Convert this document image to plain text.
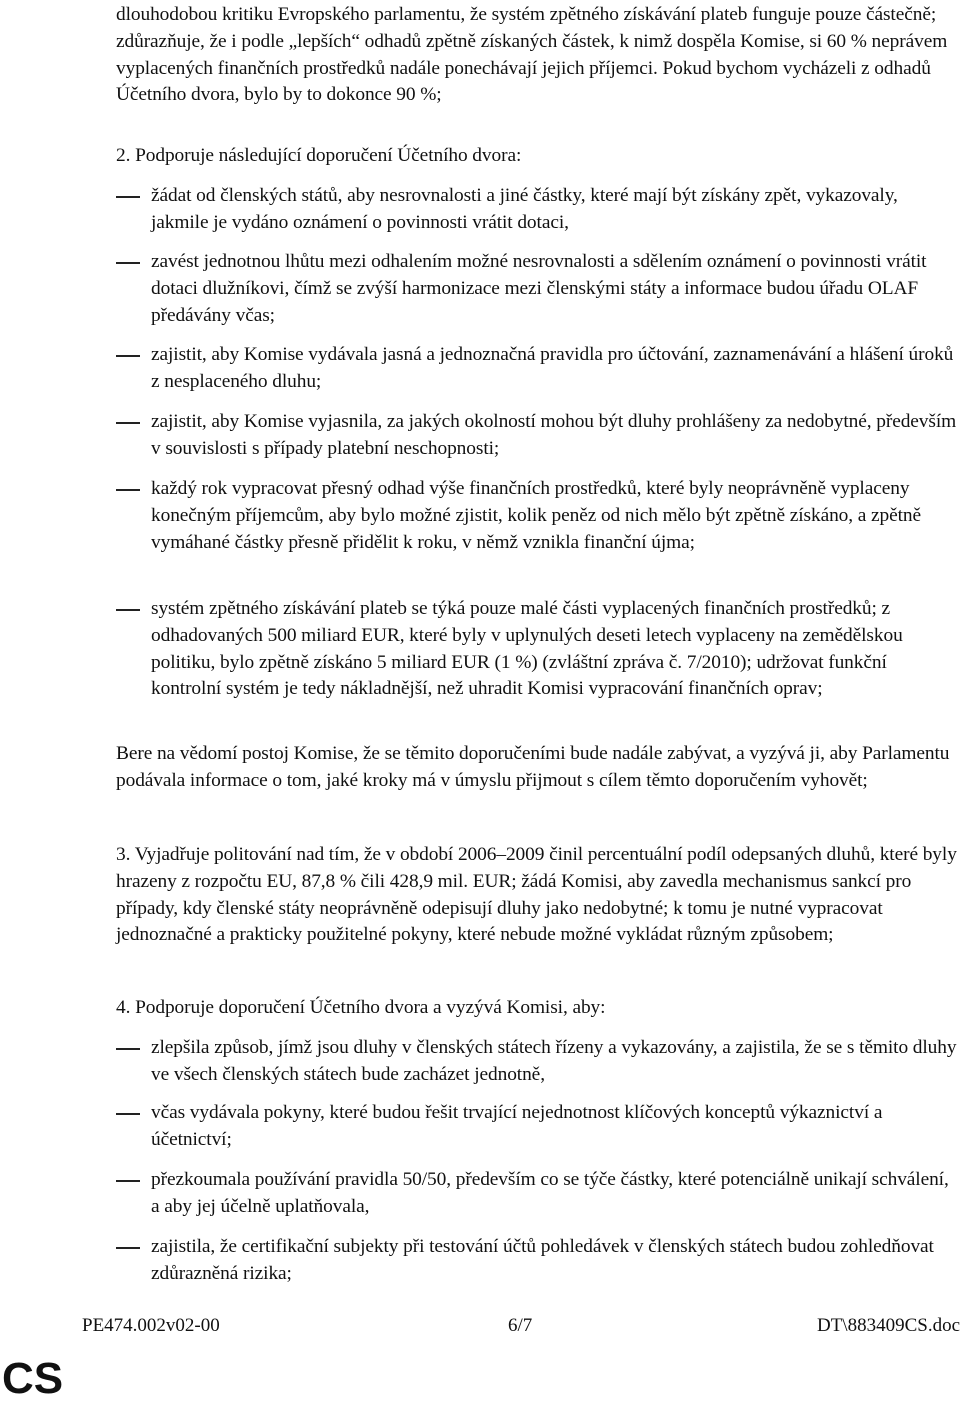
dlouhodobou kritiku Evropského parlamentu, že systém zpětného získávání plateb funguje pouze částečně; zdůrazňuje, že i podle „lepších“ odhadů zpětně získaných částek, k nimž dospěla Komise, si 60 % neprávem vyplacených finančních prostředků nadále ponechávají jejich příjemci. Pokud bychom vycházeli z odhadů Účetního dvora, bylo by to dokonce 90 %;

2. Podporuje následující doporučení Účetního dvora:

žádat od členských států, aby nesrovnalosti a jiné částky, které mají být získány zpět, vykazovaly, jakmile je vydáno oznámení o povinnosti vrátit dotaci,

zavést jednotnou lhůtu mezi odhalením možné nesrovnalosti a sdělením oznámení o povinnosti vrátit dotaci dlužníkovi, čímž se zvýší harmonizace mezi členskými státy a informace budou úřadu OLAF předávány včas;

zajistit, aby Komise vydávala jasná a jednoznačná pravidla pro účtování, zaznamenávání a hlášení úroků z nesplaceného dluhu;

zajistit, aby Komise vyjasnila, za jakých okolností mohou být dluhy prohlášeny za nedobytné, především v souvislosti s případy platební neschopnosti;

každý rok vypracovat přesný odhad výše finančních prostředků, které byly neoprávněně vyplaceny konečným příjemcům, aby bylo možné zjistit, kolik peněz od nich mělo být zpětně získáno, a zpětně vymáhané částky přesně přidělit k roku, v němž vznikla finanční újma;

systém zpětného získávání plateb se týká pouze malé části vyplacených finančních prostředků; z odhadovaných 500 miliard EUR, které byly v uplynulých deseti letech vyplaceny na zemědělskou politiku, bylo zpětně získáno 5 miliard EUR (1 %) (zvláštní zpráva č. 7/2010); udržovat funkční kontrolní systém je tedy nákladnější, než uhradit Komisi vypracování finančních oprav;

Bere na vědomí postoj Komise, že se těmito doporučeními bude nadále zabývat, a vyzývá ji, aby Parlamentu podávala informace o tom, jaké kroky má v úmyslu přijmout s cílem těmto doporučením vyhovět;

3. Vyjadřuje politování nad tím, že v období 2006–2009 činil percentuální podíl odepsaných dluhů, které byly hrazeny z rozpočtu EU, 87,8 % čili 428,9 mil. EUR; žádá Komisi, aby zavedla mechanismus sankcí pro případy, kdy členské státy neoprávněně odepisují dluhy jako nedobytné; k tomu je nutné vypracovat jednoznačné a prakticky použitelné pokyny, které nebude možné vykládat různým způsobem;

4. Podporuje doporučení Účetního dvora a vyzývá Komisi, aby:

zlepšila způsob, jímž jsou dluhy v členských státech řízeny a vykazovány, a zajistila, že se s těmito dluhy ve všech členských státech bude zacházet jednotně,

včas vydávala pokyny, které budou řešit trvající nejednotnost klíčových konceptů výkaznictví a účetnictví;

přezkoumala používání pravidla 50/50, především co se týče částky, které potenciálně unikají schválení, a aby jej účelně uplatňovala,

zajistila, že certifikační subjekty při testování účtů pohledávek v členských státech budou zohledňovat zdůrazněná rizika;

PE474.002v02-00	6/7	DT\883409CS.doc
CS
